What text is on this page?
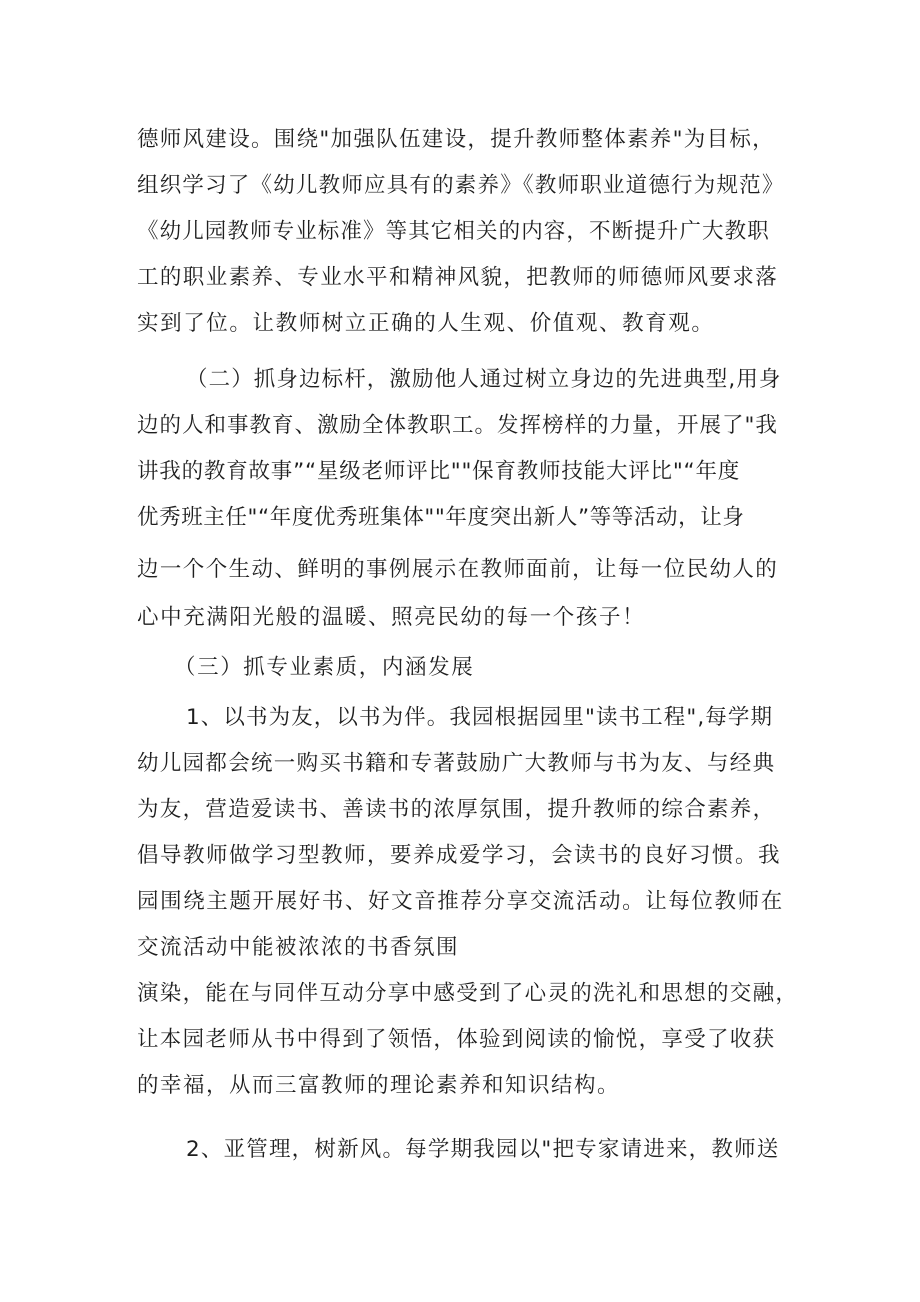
德师风建设。围绕"加强队伍建设，提升教师整体素养"为目标，
组织学习了《幼儿教师应具有的素养》《教师职业道德行为规范》
《幼儿园教师专业标准》等其它相关的内容，不断提升广大教职
工的职业素养、专业水平和精神风貌，把教师的师德师风要求落
实到了位。让教师树立正确的人生观、价值观、教育观。
（二）抓身边标杆，激励他人通过树立身边的先进典型,用身
边的人和事教育、激励全体教职工。发挥榜样的力量，开展了"我
讲我的教育故事”“星级老师评比""保育教师技能大评比"“年度
优秀班主任"“年度优秀班集体""年度突出新人”等等活动，让身
边一个个生动、鲜明的事例展示在教师面前，让每一位民幼人的
心中充满阳光般的温暖、照亮民幼的每一个孩子！
（三）抓专业素质，内涵发展
1、以书为友，以书为伴。我园根据园里"读书工程",每学期
幼儿园都会统一购买书籍和专著鼓励广大教师与书为友、与经典
为友，营造爱读书、善读书的浓厚氛围，提升教师的综合素养，
倡导教师做学习型教师，要养成爱学习，会读书的良好习惯。我
园围绕主题开展好书、好文音推荐分享交流活动。让每位教师在
交流活动中能被浓浓的书香氛围
演染，能在与同伴互动分享中感受到了心灵的洗礼和思想的交融，
让本园老师从书中得到了领悟，体验到阅读的愉悦，享受了收获
的幸福，从而三富教师的理论素养和知识结构。
2、亚管理，树新风。每学期我园以"把专家请进来，教师送
